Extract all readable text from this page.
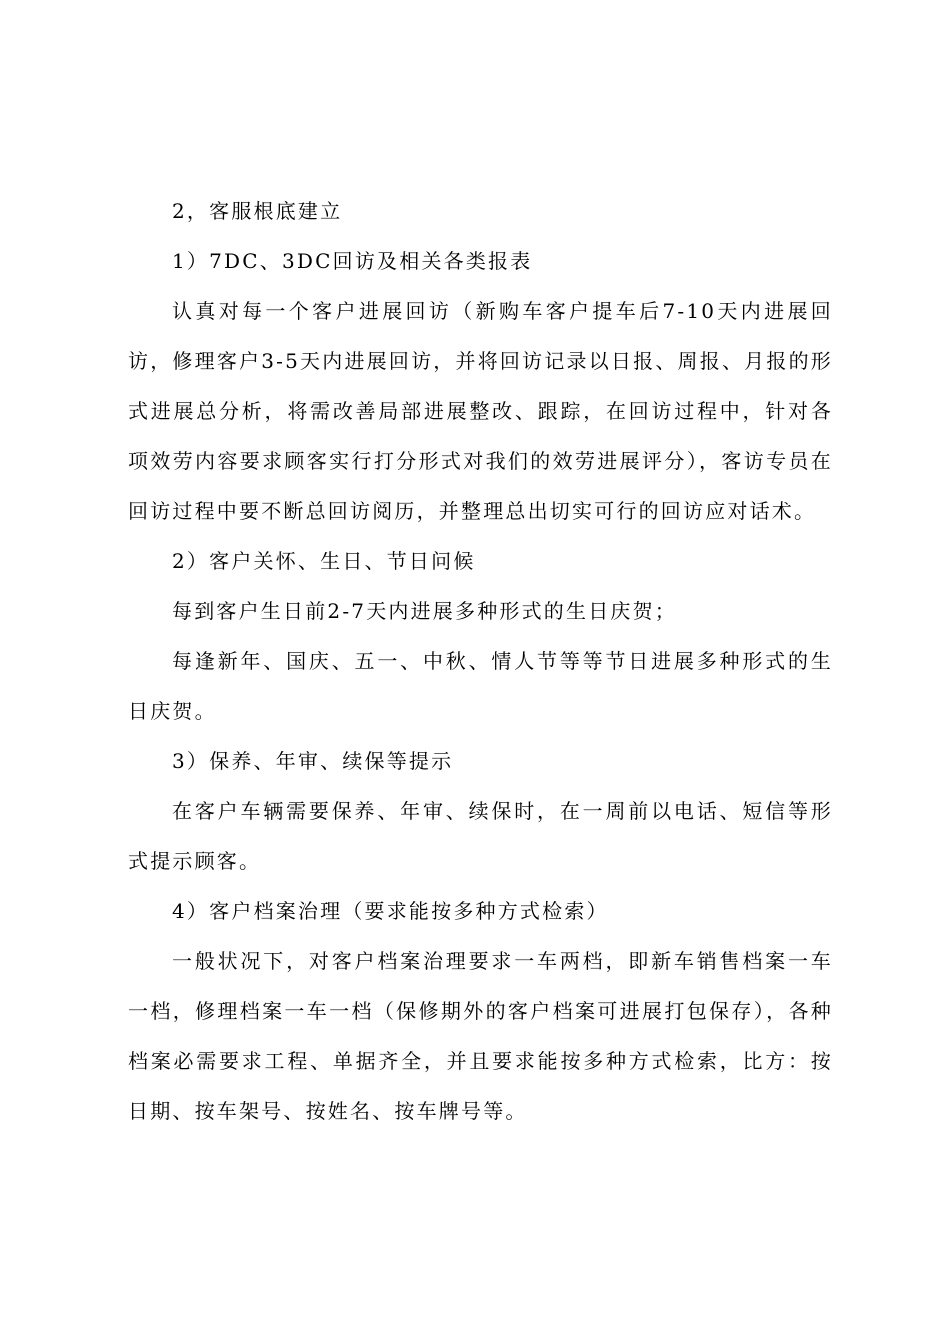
2，客服根底建立

1）7DC、3DC回访及相关各类报表

认真对每一个客户进展回访（新购车客户提车后7-10天内进展回访，修理客户3-5天内进展回访，并将回访记录以日报、周报、月报的形式进展总分析，将需改善局部进展整改、跟踪，在回访过程中，针对各项效劳内容要求顾客实行打分形式对我们的效劳进展评分），客访专员在回访过程中要不断总回访阅历，并整理总出切实可行的回访应对话术。

2）客户关怀、生日、节日问候

每到客户生日前2-7天内进展多种形式的生日庆贺；

每逢新年、国庆、五一、中秋、情人节等等节日进展多种形式的生日庆贺。

3）保养、年审、续保等提示

在客户车辆需要保养、年审、续保时，在一周前以电话、短信等形式提示顾客。

4）客户档案治理（要求能按多种方式检索）

一般状况下，对客户档案治理要求一车两档，即新车销售档案一车一档，修理档案一车一档（保修期外的客户档案可进展打包保存），各种档案必需要求工程、单据齐全，并且要求能按多种方式检索，比方：按日期、按车架号、按姓名、按车牌号等。
